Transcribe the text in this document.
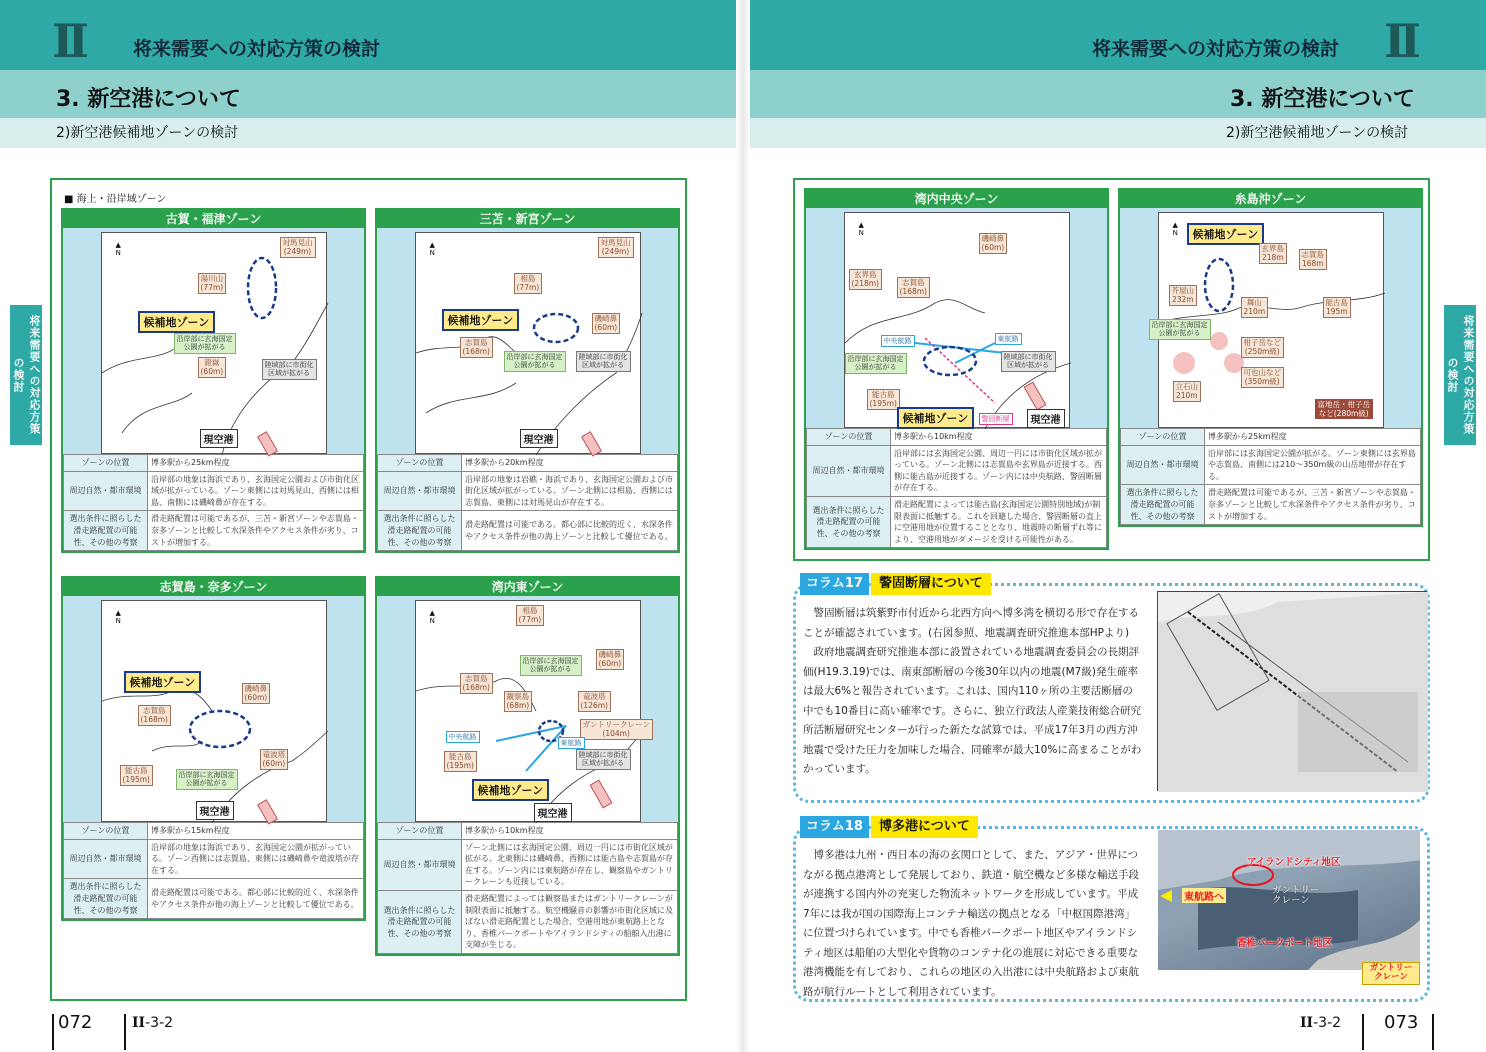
II	将来需要への対応方策の検討
3. 新空港について
2)新空港候補地ゾーンの検討
II
将来需要への対応方策の検討
3. 新空港について
2)新空港候補地ゾーンの検討
将来需要への対応方策の検討	将来需要への対応方策の検討
■ 海上・沿岸域ゾーン
古賀・福津ゾーン
▲
N
対馬見山
(249m)
湯川山
(77m)
候補地ゾーン
沿岸部に玄海国定
公園が拡がる
鐙嶽
(60m)
陸域部に市街化
区域が拡がる
現空港
ゾーンの位置	博多駅から25km程度
周辺自然・都市環境	沿岸部の地象は海浜であり、玄海国定公園および市街化区域が拡がっている。ゾーン東側には対馬見山、西側には相島、南側には磯崎鼻が存在する。
選出条件に照らした滑走路配置の可能性、その他の考察	滑走路配置は可能であるが、三苫・新宮ゾーンや志賀島・奈多ゾーンと比較して水深条件やアクセス条件が劣り、コストが増加する。
三苫・新宮ゾーン
▲
N
対馬見山
(249m)
相島
(77m)
候補地ゾーン	磯崎鼻
(60m)
志賀島
(168m)
沿岸部に玄海国定
公園が拡がる
陸域部に市街化
区域が拡がる
現空港
ゾーンの位置	博多駅から20km程度
周辺自然・都市環境	沿岸部の地象は岩礁・海浜であり、玄海国定公園および市街化区域が拡がっている。ゾーン北側には相島、西側には志賀島、東側には対馬見山が存在する。
選出条件に照らした滑走路配置の可能性、その他の考察	滑走路配置は可能である。都心部に比較的近く、水深条件やアクセス条件が他の海上ゾーンと比較して優位である。
志賀島・奈多ゾーン
▲
N
候補地ゾーン	磯崎鼻
(60m)
志賀島
(168m)
竜波塔
(60m)
能古島
(195m)	沿岸部に玄海国定
公園が拡がる
現空港
ゾーンの位置	博多駅から15km程度
周辺自然・都市環境	沿岸部の地象は海浜であり、玄海国定公園が拡がっている。ゾーン西側には志賀島、東側には磯崎鼻や竜波塔が存在する。
選出条件に照らした滑走路配置の可能性、その他の考察	滑走路配置は可能である。都心部に比較的近く、水深条件やアクセス条件が他の海上ゾーンと比較して優位である。
湾内東ゾーン
▲
N
相島
(77m)
磯崎鼻
(60m)
沿岸部に玄海国定
公園が拡がる
志賀島
(168m)
観察島
(68m)
竜波塔
(126m)
ガントリークレーン
(104m)
中央航路
東航路
陸域部に市街化
区域が拡がる
能古島
(195m)
候補地ゾーン
現空港
ゾーンの位置	博多駅から10km程度
周辺自然・都市環境	ゾーン北側には玄海国定公園、周辺一円には市街化区域が拡がる。北東側には磯崎鼻、西側には能古島や志賀島が存在する。ゾーン内には東航路が存在し、観察島やガントリークレーンも近接している。
選出条件に照らした滑走路配置の可能性、その他の考察	滑走路配置によっては観察島またはガントリークレーンが制限表面に抵触する。航空機騒音の影響が市街化区域に及ばない滑走路配置とした場合、空港用地が東航路上となり、香椎パークポートやアイランドシティの船舶入出港に支障が生じる。
湾内中央ゾーン
▲
N
磯崎鼻
(60m)
玄界島
(218m)	志賀島
(168m)
中央航路	東航路
沿岸部に玄海国定
公園が拡がる
陸域部に市街化
区域が拡がる
能古島
(195m)
候補地ゾーン	警固断層	現空港
ゾーンの位置	博多駅から10km程度
周辺自然・都市環境	沿岸部には玄海国定公園、周辺一円には市街化区域が拡がっている。ゾーン北側には志賀島や玄界島が近接する。西側に能古島が近接する。ゾーン内には中央航路、警固断層が存在する。
選出条件に照らした滑走路配置の可能性、その他の考察	滑走路配置によっては能古島(玄海国定公園特別地域)が制限表面に抵触する。これを回避した場合、警固断層の直上に空港用地が位置することとなり、地震時の断層ずれ等により、空港用地がダメージを受ける可能性がある。
糸島沖ゾーン
▲
N	候補地ゾーン
玄界島
218m	志賀島
168m
芥屋山
232m	舞山
210m
能古島
195m
沿岸部に玄海国定
公園が拡がる
柑子岳など
(250m級)
可也山など
(350m級)
立石山
210m
富地岳・柑子岳
など(280m級)
ゾーンの位置	博多駅から25km程度
周辺自然・都市環境	沿岸部には玄海国定公園が拡がる。ゾーン東側には玄界島や志賀島、南側には210〜350m級の山岳地帯が存在する。
選出条件に照らした滑走路配置の可能性、その他の考察	滑走路配置は可能であるが、三苫・新宮ゾーンや志賀島・奈多ゾーンと比較して水深条件やアクセス条件が劣り、コストが増加する。
コラム17 警固断層について

警固断層は筑紫野市付近から北西方向へ博多湾を横切る形で存在することが確認されています。(右図参照、地震調査研究推進本部HPより)

政府地震調査研究推進本部に設置されている地震調査委員会の長期評価(H19.3.19)では、南東部断層の今後30年以内の地震(M7級)発生確率は最大6%と報告されています。これは、国内110ヶ所の主要活断層の中でも10番目に高い確率です。さらに、独立行政法人産業技術総合研究所活断層研究センターが行った新たな試算では、平成17年3月の西方沖地震で受けた圧力を加味した場合、同確率が最大10%に高まることがわかっています。

コラム18 博多港について

博多港は九州・西日本の海の玄関口として、また、アジア・世界につながる拠点港湾として発展しており、鉄道・航空機など多様な輸送手段が連携する国内外の充実した物流ネットワークを形成しています。平成7年には我が国の国際海上コンテナ輸送の拠点となる「中枢国際港湾」に位置づけられています。中でも香椎パークポート地区やアイランドシティ地区は船舶の大型化や貨物のコンテナ化の進展に対応できる重要な港湾機能を有しており、これらの地区の入出港には中央航路および東航路が航行ルートとして利用されています。

アイランドシティ地区
東航路へ
ガントリー
クレーン
香椎パークポート地区
ガントリー
クレーン
072	II-3-2	II-3-2 073
